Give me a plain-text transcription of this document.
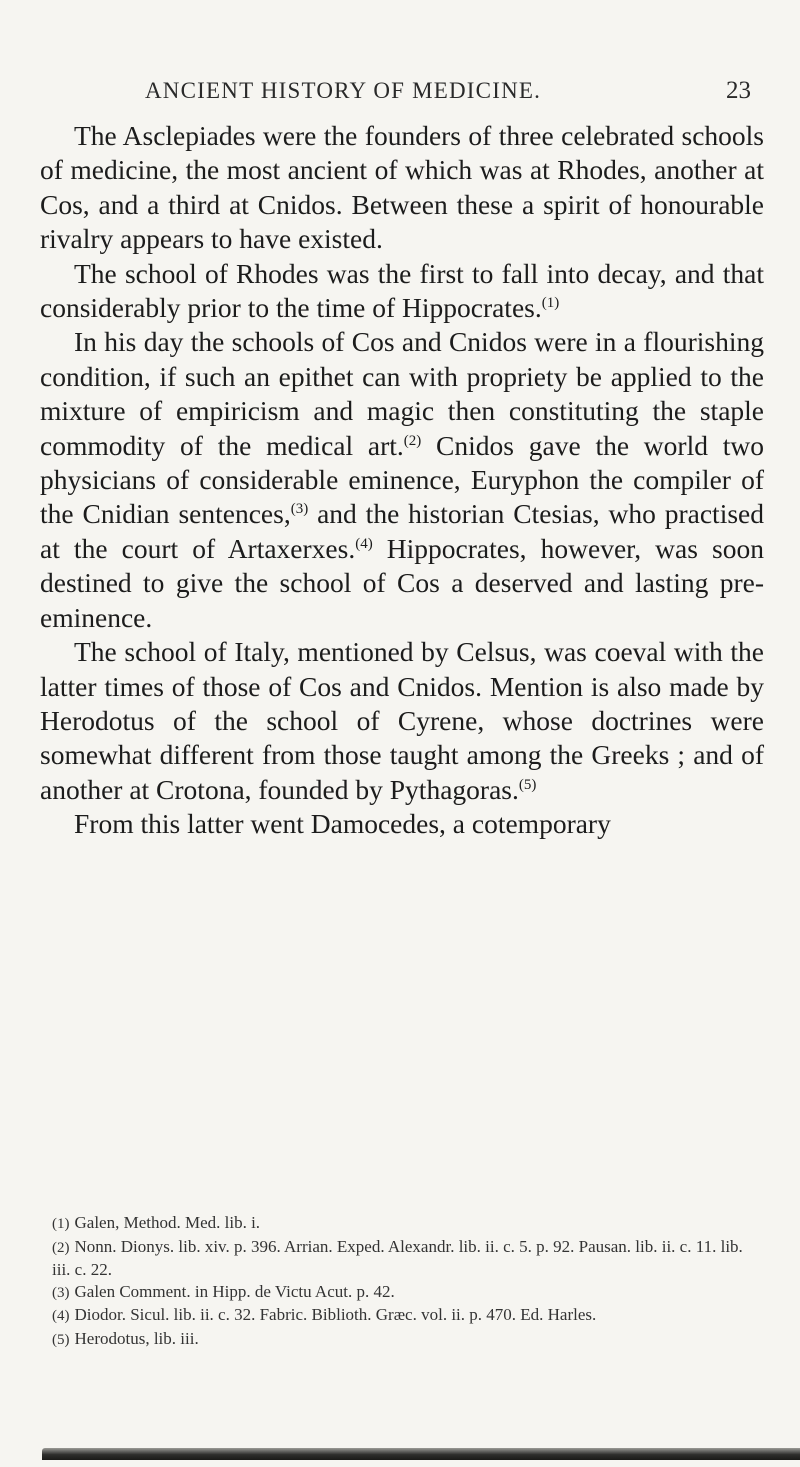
ANCIENT HISTORY OF MEDICINE.	23

The Asclepiades were the founders of three celebrated schools of medicine, the most ancient of which was at Rhodes, another at Cos, and a third at Cnidos. Between these a spirit of honourable rivalry appears to have existed.

The school of Rhodes was the first to fall into decay, and that considerably prior to the time of Hippocrates.$^{(1)}$

In his day the schools of Cos and Cnidos were in a flourishing condition, if such an epithet can with propriety be applied to the mixture of empiricism and magic then constituting the staple commodity of the medical art.$^{(2)}$ Cnidos gave the world two physicians of considerable eminence, Euryphon the compiler of the Cnidian sentences,$^{(3)}$ and the historian Ctesias, who practised at the court of Artaxerxes.$^{(4)}$ Hippocrates, however, was soon destined to give the school of Cos a deserved and lasting pre-eminence.

The school of Italy, mentioned by Celsus, was coeval with the latter times of those of Cos and Cnidos. Mention is also made by Herodotus of the school of Cyrene, whose doctrines were somewhat different from those taught among the Greeks ; and of another at Crotona, founded by Pythagoras.$^{(5)}$

From this latter went Damocedes, a cotemporary

(1) Galen, Method. Med. lib. i.
(2) Nonn. Dionys. lib. xiv. p. 396. Arrian. Exped. Alexandr. lib. ii. c. 5. p. 92. Pausan. lib. ii. c. 11. lib. iii. c. 22.
(3) Galen Comment. in Hipp. de Victu Acut. p. 42.
(4) Diodor. Sicul. lib. ii. c. 32. Fabric. Biblioth. Græc. vol. ii. p. 470. Ed. Harles.
(5) Herodotus, lib. iii.
